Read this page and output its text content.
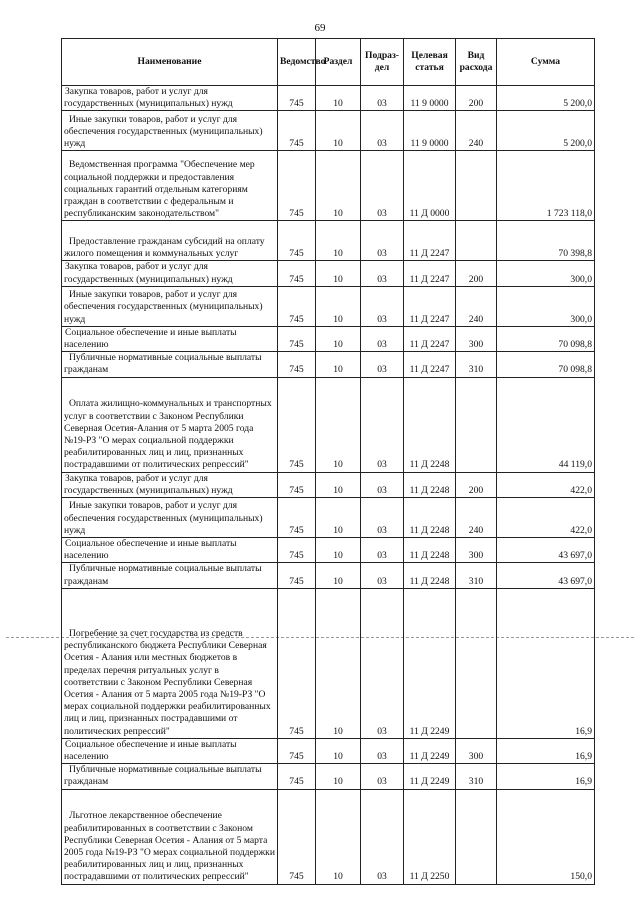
69
Наименование	Ведомство	Раздел	Подраз-дел	Целевая статья	Вид расхода	Сумма
Закупка товаров, работ и услуг для государственных (муниципальных) нужд	745	10	03	11 9 0000	200	5 200,0
Иные закупки товаров, работ и услуг для обеспечения государственных (муниципальных) нужд	745	10	03	11 9 0000	240	5 200,0
Ведомственная программа "Обеспечение мер социальной поддержки и предоставления социальных гарантий отдельным категориям граждан в соответствии с федеральным и республиканским законодательством"	745	10	03	11 Д 0000		1 723 118,0
Предоставление гражданам субсидий на оплату жилого помещения и коммунальных услуг	745	10	03	11 Д 2247		70 398,8
Закупка товаров, работ и услуг для государственных (муниципальных) нужд	745	10	03	11 Д 2247	200	300,0
Иные закупки товаров, работ и услуг для обеспечения государственных (муниципальных) нужд	745	10	03	11 Д 2247	240	300,0
Социальное обеспечение и иные выплаты населению	745	10	03	11 Д 2247	300	70 098,8
Публичные нормативные социальные выплаты гражданам	745	10	03	11 Д 2247	310	70 098,8
Оплата жилищно-коммунальных и транспортных услуг в соответствии с Законом Республики Северная Осетия-Алания от 5 марта 2005 года №19-РЗ "О мерах социальной поддержки реабилитированных лиц и лиц, признанных пострадавшими от политических репрессий"	745	10	03	11 Д 2248		44 119,0
Закупка товаров, работ и услуг для государственных (муниципальных) нужд	745	10	03	11 Д 2248	200	422,0
Иные закупки товаров, работ и услуг для обеспечения государственных (муниципальных) нужд	745	10	03	11 Д 2248	240	422,0
Социальное обеспечение и иные выплаты населению	745	10	03	11 Д 2248	300	43 697,0
Публичные нормативные социальные выплаты гражданам	745	10	03	11 Д 2248	310	43 697,0
Погребение за счет государства из средств республиканского бюджета Республики Северная Осетия - Алания или местных бюджетов в пределах перечня ритуальных услуг в соответствии с Законом Республики Северная Осетия - Алания от 5 марта 2005 года №19-РЗ "О мерах социальной поддержки реабилитированных лиц и лиц, признанных пострадавшими от политических репрессий"	745	10	03	11 Д 2249		16,9
Социальное обеспечение и иные выплаты населению	745	10	03	11 Д 2249	300	16,9
Публичные нормативные социальные выплаты гражданам	745	10	03	11 Д 2249	310	16,9
Льготное лекарственное обеспечение реабилитированных в соответствии с Законом Республики Северная Осетия - Алания от 5 марта 2005 года №19-РЗ "О мерах социальной поддержки реабилитированных лиц и лиц, признанных пострадавшими от политических репрессий"	745	10	03	11 Д 2250		150,0
